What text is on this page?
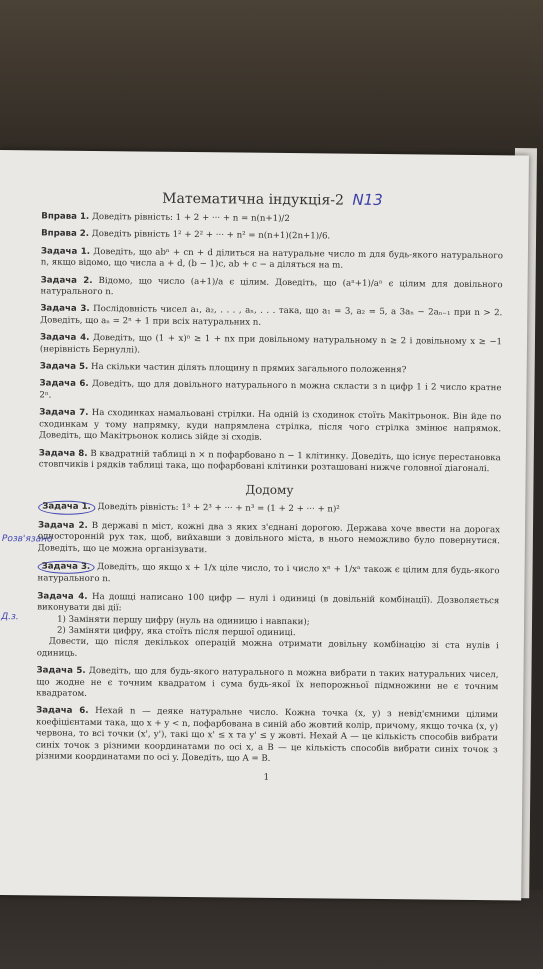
Розв'язано
Д.з.
Математична індукція-2 N13
Вправа 1. Доведіть рівність: 1 + 2 + ··· + n = n(n+1)/2
Вправа 2. Доведіть рівність 1² + 2² + ··· + n² = n(n+1)(2n+1)/6.
Задача 1. Доведіть, що abⁿ + cn + d ділиться на натуральне число m для будь-якого натурального n, якщо відомо, що числа a + d, (b − 1)c, ab + c − a діляться на m.
Задача 2. Відомо, що число (a+1)/a є цілим. Доведіть, що (aⁿ+1)/aⁿ є цілим для довільного натурального n.
Задача 3. Послідовність чисел a₁, a₂, . . . , aₙ, . . . така, що a₁ = 3, a₂ = 5, а 3aₙ − 2aₙ₋₁ при n > 2. Доведіть, що aₙ = 2ⁿ + 1 при всіх натуральних n.
Задача 4. Доведіть, що (1 + x)ⁿ ≥ 1 + nx при довільному натуральному n ≥ 2 і довільному x ≥ −1 (нерівність Бернуллі).
Задача 5. На скільки частин ділять площину n прямих загального положення?
Задача 6. Доведіть, що для довільного натурального n можна скласти з n цифр 1 і 2 число кратне 2ⁿ.
Задача 7. На сходинках намальовані стрілки. На одній із сходинок стоїть Макітрьонок. Він йде по сходинкам у тому напрямку, куди напрямлена стрілка, після чого стрілка змінює напрямок. Доведіть, що Макітрьонок колись зійде зі сходів.
Задача 8. В квадратній таблиці n × n пофарбовано n − 1 клітинку. Доведіть, що існує перестановка стовпчиків і рядків таблиці така, що пофарбовані клітинки розташовані нижче головної діагоналі.
Додому
Задача 1. Доведіть рівність: 1³ + 2³ + ··· + n³ = (1 + 2 + ··· + n)²
Задача 2. В державі n міст, кожні два з яких з'єднані дорогою. Держава хоче ввести на дорогах односторонній рух так, щоб, вийхавши з довільного міста, в нього неможливо було повернутися. Доведіть, що це можна організувати.
Задача 3. Доведіть, що якщо x + 1/x ціле число, то і число xⁿ + 1/xⁿ також є цілим для будь-якого натурального n.
Задача 4. На дошці написано 100 цифр — нулі і одиниці (в довільній комбінації). Дозволяється виконувати дві дії:
1) Заміняти першу цифру (нуль на одиницю і навпаки);
2) Заміняти цифру, яка стоїть після першої одиниці.
Довести, що після декількох операцій можна отримати довільну комбінацію зі ста нулів і одиниць.
Задача 5. Доведіть, що для будь-якого натурального n можна вибрати n таких натуральних чисел, що жодне не є точним квадратом і сума будь-якої їх непорожньої підмножини не є точним квадратом.
Задача 6. Нехай n — деяке натуральне число. Кожна точка (x, y) з невід'ємними цілими коефіцієнтами така, що x + y < n, пофарбована в синій або жовтий колір, причому, якщо точка (x, y) червона, то всі точки (x', y'), такі що x' ≤ x та y' ≤ y жовті. Нехай A — це кількість способів вибрати синіх точок з різними координатами по осі x, а B — це кількість способів вибрати синіх точок з різними координатами по осі y. Доведіть, що A = B.
1
